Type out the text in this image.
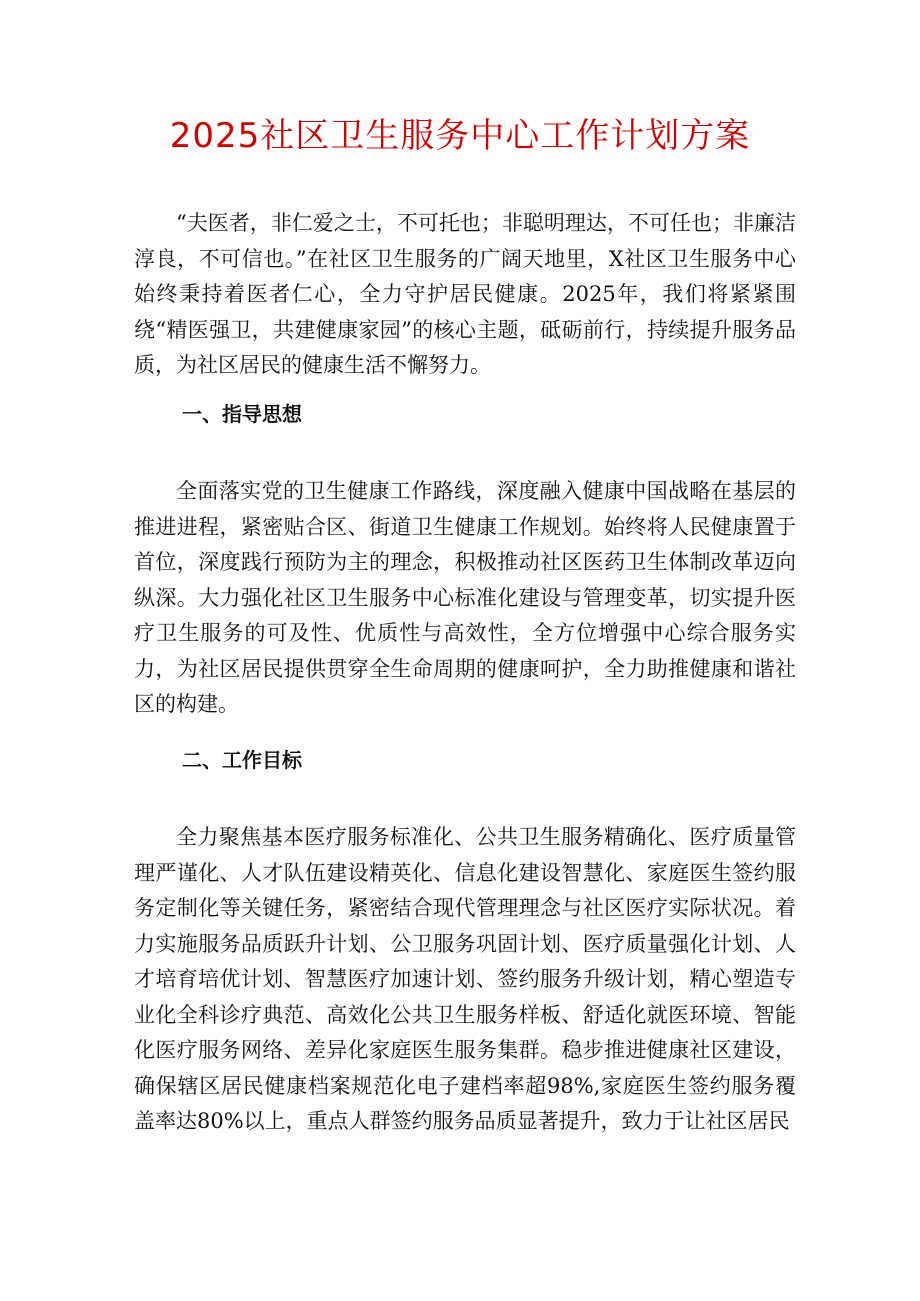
2025社区卫生服务中心工作计划方案

“夫医者，非仁爱之士，不可托也；非聪明理达，不可任也；非廉洁淳良，不可信也。”在社区卫生服务的广阔天地里，X社区卫生服务中心始终秉持着医者仁心，全力守护居民健康。2025年，我们将紧紧围绕“精医强卫，共建健康家园”的核心主题，砥砺前行，持续提升服务品质，为社区居民的健康生活不懈努力。

一、指导思想

全面落实党的卫生健康工作路线，深度融入健康中国战略在基层的推进进程，紧密贴合区、街道卫生健康工作规划。始终将人民健康置于首位，深度践行预防为主的理念，积极推动社区医药卫生体制改革迈向纵深。大力强化社区卫生服务中心标准化建设与管理变革，切实提升医疗卫生服务的可及性、优质性与高效性，全方位增强中心综合服务实力，为社区居民提供贯穿全生命周期的健康呵护，全力助推健康和谐社区的构建。

二、工作目标

全力聚焦基本医疗服务标准化、公共卫生服务精确化、医疗质量管理严谨化、人才队伍建设精英化、信息化建设智慧化、家庭医生签约服务定制化等关键任务，紧密结合现代管理理念与社区医疗实际状况。着力实施服务品质跃升计划、公卫服务巩固计划、医疗质量强化计划、人才培育培优计划、智慧医疗加速计划、签约服务升级计划，精心塑造专业化全科诊疗典范、高效化公共卫生服务样板、舒适化就医环境、智能化医疗服务网络、差异化家庭医生服务集群。稳步推进健康社区建设，确保辖区居民健康档案规范化电子建档率超98%,家庭医生签约服务覆盖率达80%以上，重点人群签约服务品质显著提升，致力于让社区居民
